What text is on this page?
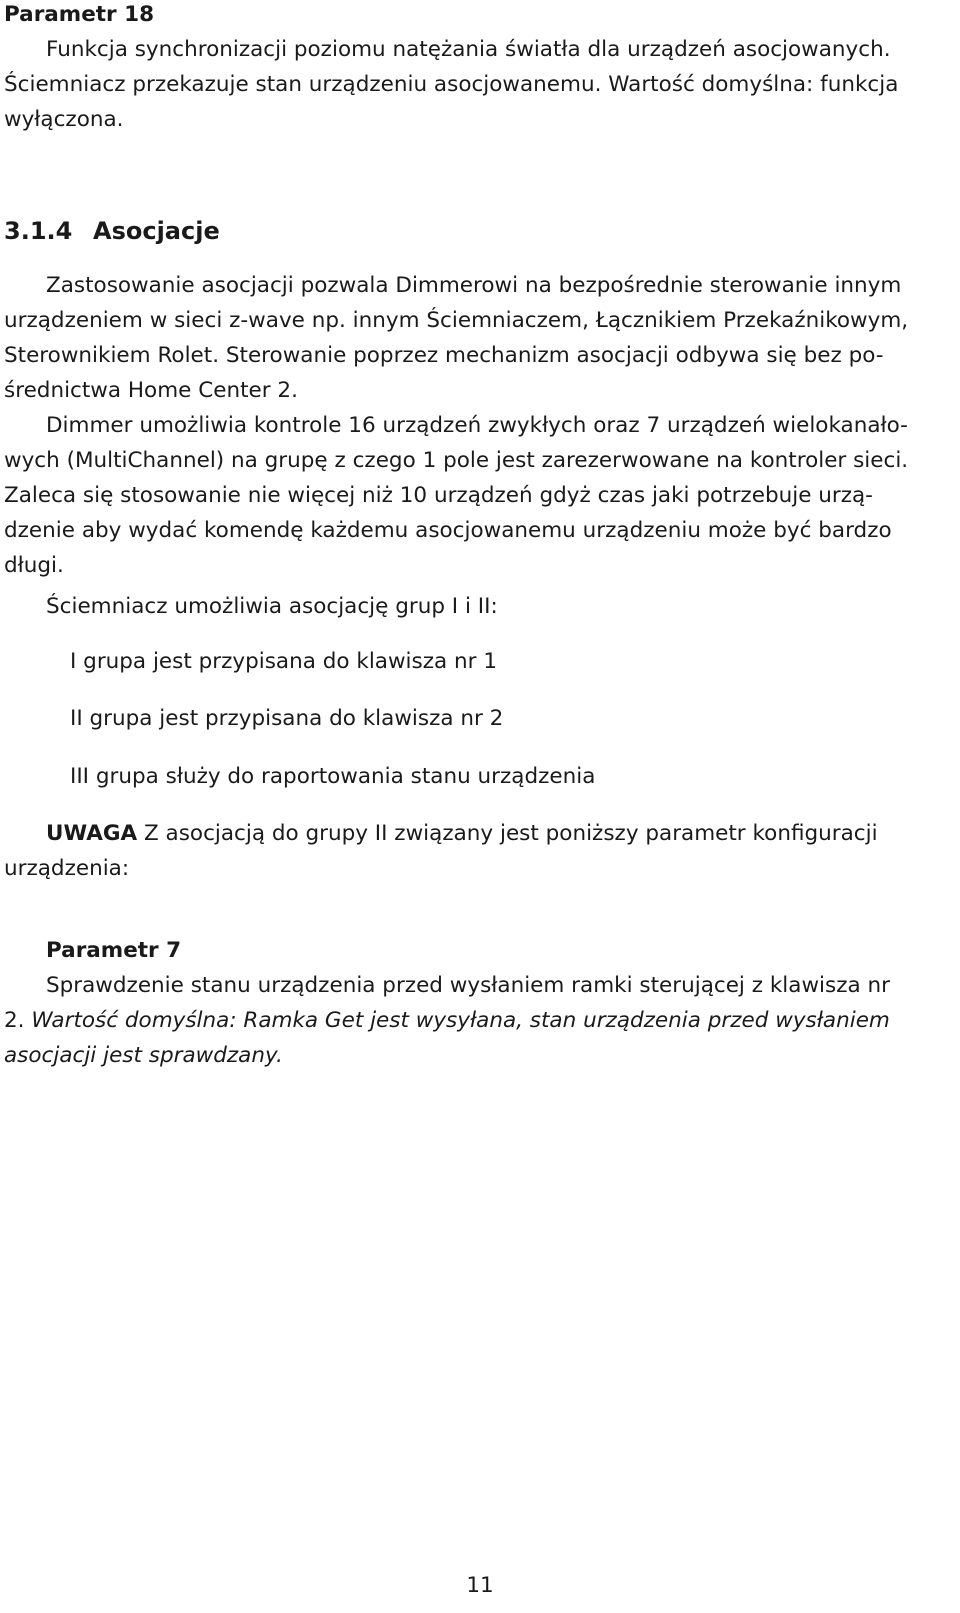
Parametr 18
Funkcja synchronizacji poziomu natężania światła dla urządzeń asocjowanych.
Ściemniacz przekazuje stan urządzeniu asocjowanemu. Wartość domyślna: funkcja
wyłączona.
3.1.4 Asocjacje
Zastosowanie asocjacji pozwala Dimmerowi na bezpośrednie sterowanie innym
urządzeniem w sieci z-wave np. innym Ściemniaczem, Łącznikiem Przekaźnikowym,
Sterownikiem Rolet. Sterowanie poprzez mechanizm asocjacji odbywa się bez po-
średnictwa Home Center 2.
Dimmer umożliwia kontrole 16 urządzeń zwykłych oraz 7 urządzeń wielokanało-
wych (MultiChannel) na grupę z czego 1 pole jest zarezerwowane na kontroler sieci.
Zaleca się stosowanie nie więcej niż 10 urządzeń gdyż czas jaki potrzebuje urzą-
dzenie aby wydać komendę każdemu asocjowanemu urządzeniu może być bardzo
długi.
Ściemniacz umożliwia asocjację grup I i II:
I grupa jest przypisana do klawisza nr 1
II grupa jest przypisana do klawisza nr 2
III grupa służy do raportowania stanu urządzenia
UWAGA Z asocjacją do grupy II związany jest poniższy parametr konfiguracji
urządzenia:
Parametr 7
Sprawdzenie stanu urządzenia przed wysłaniem ramki sterującej z klawisza nr
2. Wartość domyślna: Ramka Get jest wysyłana, stan urządzenia przed wysłaniem
asocjacji jest sprawdzany.
11
